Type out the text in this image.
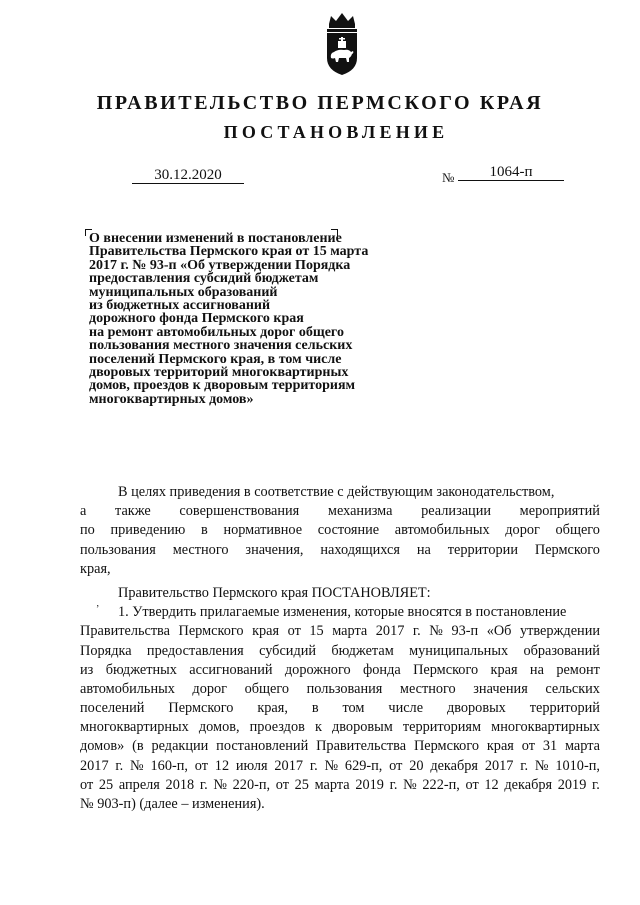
ПРАВИТЕЛЬСТВО ПЕРМСКОГО КРАЯ
ПОСТАНОВЛЕНИЕ
30.12.2020	№	1064-п
О внесении изменений в постановление
Правительства Пермского края от 15 марта
2017 г. № 93-п «Об утверждении Порядка
предоставления субсидий бюджетам
муниципальных образований
из бюджетных ассигнований
дорожного фонда Пермского края
на ремонт автомобильных дорог общего
пользования местного значения сельских
поселений Пермского края, в том числе
дворовых территорий многоквартирных
домов, проездов к дворовым территориям
многоквартирных домов»
ʼ
В целях приведения в соответствие с действующим законодательством,
а также совершенствования механизма реализации мероприятий
по приведению в нормативное состояние автомобильных дорог общего
пользования местного значения, находящихся на территории Пермского
края,
Правительство Пермского края ПОСТАНОВЛЯЕТ:
1. Утвердить прилагаемые изменения, которые вносятся в постановление
Правительства Пермского края от 15 марта 2017 г. № 93-п «Об утверждении
Порядка предоставления субсидий бюджетам муниципальных образований
из бюджетных ассигнований дорожного фонда Пермского края на ремонт
автомобильных дорог общего пользования местного значения сельских
поселений Пермского края, в том числе дворовых территорий
многоквартирных домов, проездов к дворовым территориям многоквартирных
домов» (в редакции постановлений Правительства Пермского края от 31 марта
2017 г. № 160-п, от 12 июля 2017 г. № 629-п, от 20 декабря 2017 г. № 1010-п,
от 25 апреля 2018 г. № 220-п, от 25 марта 2019 г. № 222-п, от 12 декабря 2019 г.
№ 903-п) (далее – изменения).
